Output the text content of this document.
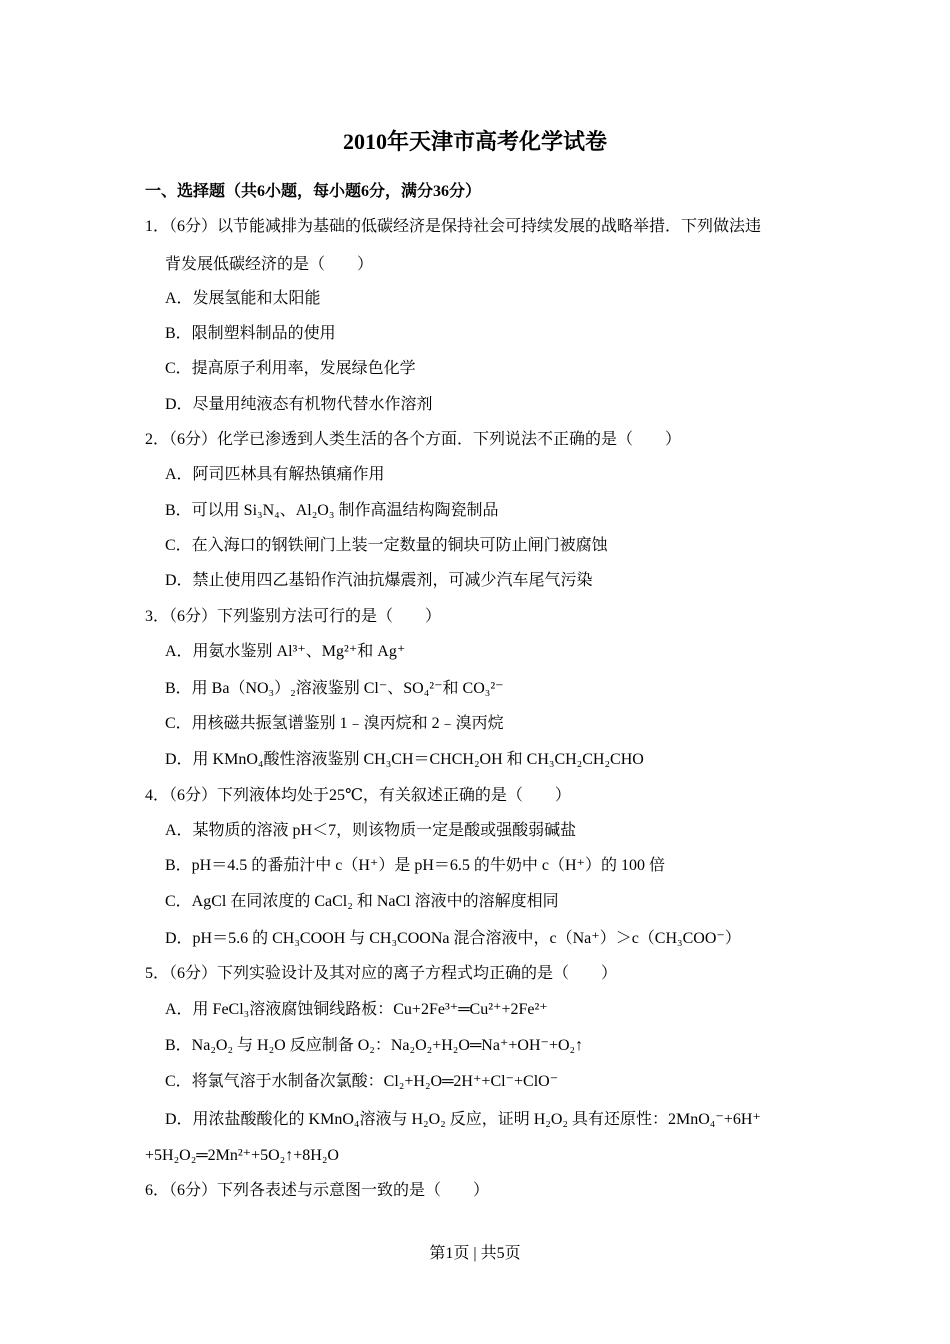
2010年天津市高考化学试卷
一、选择题（共6小题，每小题6分，满分36分）
1．（6分）以节能减排为基础的低碳经济是保持社会可持续发展的战略举措．下列做法违
背发展低碳经济的是（　　）
A．发展氢能和太阳能
B．限制塑料制品的使用
C．提高原子利用率，发展绿色化学
D．尽量用纯液态有机物代替水作溶剂
2．（6分）化学已渗透到人类生活的各个方面．下列说法不正确的是（　　）
A．阿司匹林具有解热镇痛作用
B．可以用 Si₃N₄、Al₂O₃ 制作高温结构陶瓷制品
C．在入海口的钢铁闸门上装一定数量的铜块可防止闸门被腐蚀
D．禁止使用四乙基铅作汽油抗爆震剂，可减少汽车尾气污染
3．（6分）下列鉴别方法可行的是（　　）
A．用氨水鉴别 Al³⁺、Mg²⁺和 Ag⁺
B．用 Ba（NO₃）₂溶液鉴别 Cl⁻、SO₄²⁻和 CO₃²⁻
C．用核磁共振氢谱鉴别 1﹣溴丙烷和 2﹣溴丙烷
D．用 KMnO₄酸性溶液鉴别 CH₃CH＝CHCH₂OH 和 CH₃CH₂CH₂CHO
4．（6分）下列液体均处于25℃，有关叙述正确的是（　　）
A．某物质的溶液 pH＜7，则该物质一定是酸或强酸弱碱盐
B．pH＝4.5 的番茄汁中 c（H⁺）是 pH＝6.5 的牛奶中 c（H⁺）的 100 倍
C．AgCl 在同浓度的 CaCl₂ 和 NaCl 溶液中的溶解度相同
D．pH＝5.6 的 CH₃COOH 与 CH₃COONa 混合溶液中，c（Na⁺）＞c（CH₃COO⁻）
5．（6分）下列实验设计及其对应的离子方程式均正确的是（　　）
A．用 FeCl₃溶液腐蚀铜线路板：Cu+2Fe³⁺═Cu²⁺+2Fe²⁺
B．Na₂O₂ 与 H₂O 反应制备 O₂：Na₂O₂+H₂O═Na⁺+OH⁻+O₂↑
C．将氯气溶于水制备次氯酸：Cl₂+H₂O═2H⁺+Cl⁻+ClO⁻
D．用浓盐酸酸化的 KMnO₄溶液与 H₂O₂ 反应，证明 H₂O₂ 具有还原性：2MnO₄⁻+6H⁺
+5H₂O₂═2Mn²⁺+5O₂↑+8H₂O
6．（6分）下列各表述与示意图一致的是（　　）
第1页 | 共5页
